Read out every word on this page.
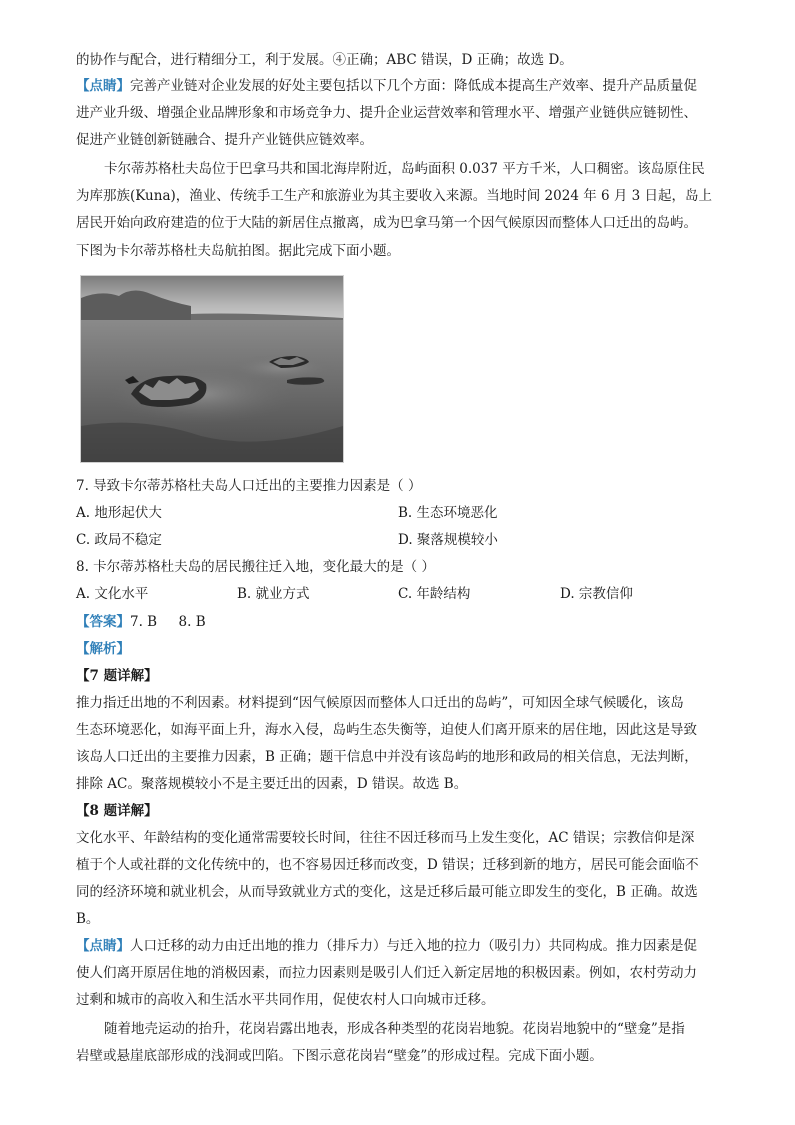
的协作与配合，进行精细分工，利于发展。④正确；ABC 错误，D 正确；故选 D。
【点睛】完善产业链对企业发展的好处主要包括以下几个方面：降低成本提高生产效率、提升产品质量促
进产业升级、增强企业品牌形象和市场竞争力、提升企业运营效率和管理水平、增强产业链供应链韧性、
促进产业链创新链融合、提升产业链供应链效率。
卡尔蒂苏格杜夫岛位于巴拿马共和国北海岸附近，岛屿面积 0.037 平方千米，人口稠密。该岛原住民
为库那族(Kuna)，渔业、传统手工生产和旅游业为其主要收入来源。当地时间 2024 年 6 月 3 日起，岛上
居民开始向政府建造的位于大陆的新居住点撤离，成为巴拿马第一个因气候原因而整体人口迁出的岛屿。
下图为卡尔蒂苏格杜夫岛航拍图。据此完成下面小题。
7. 导致卡尔蒂苏格杜夫岛人口迁出的主要推力因素是（ ）
A. 地形起伏大	B. 生态环境恶化
C. 政局不稳定	D. 聚落规模较小
8. 卡尔蒂苏格杜夫岛的居民搬往迁入地，变化最大的是（ ）
A. 文化水平	B. 就业方式	C. 年龄结构	D. 宗教信仰
【答案】7. B     8. B
【解析】
【7 题详解】
推力指迁出地的不利因素。材料提到“因气候原因而整体人口迁出的岛屿”，可知因全球气候暖化，该岛
生态环境恶化，如海平面上升，海水入侵，岛屿生态失衡等，迫使人们离开原来的居住地，因此这是导致
该岛人口迁出的主要推力因素，B 正确；题干信息中并没有该岛屿的地形和政局的相关信息，无法判断，
排除 AC。聚落规模较小不是主要迁出的因素，D 错误。故选 B。
【8 题详解】
文化水平、年龄结构的变化通常需要较长时间，往往不因迁移而马上发生变化，AC 错误；宗教信仰是深
植于个人或社群的文化传统中的，也不容易因迁移而改变，D 错误；迁移到新的地方，居民可能会面临不
同的经济环境和就业机会，从而导致就业方式的变化，这是迁移后最可能立即发生的变化，B 正确。故选
B。
【点睛】人口迁移的动力由迁出地的推力（排斥力）与迁入地的拉力（吸引力）共同构成。推力因素是促
使人们离开原居住地的消极因素，而拉力因素则是吸引人们迁入新定居地的积极因素。例如，农村劳动力
过剩和城市的高收入和生活水平共同作用，促使农村人口向城市迁移。
随着地壳运动的抬升，花岗岩露出地表，形成各种类型的花岗岩地貌。花岗岩地貌中的“壁龛”是指
岩壁或悬崖底部形成的浅洞或凹陷。下图示意花岗岩“壁龛”的形成过程。完成下面小题。
